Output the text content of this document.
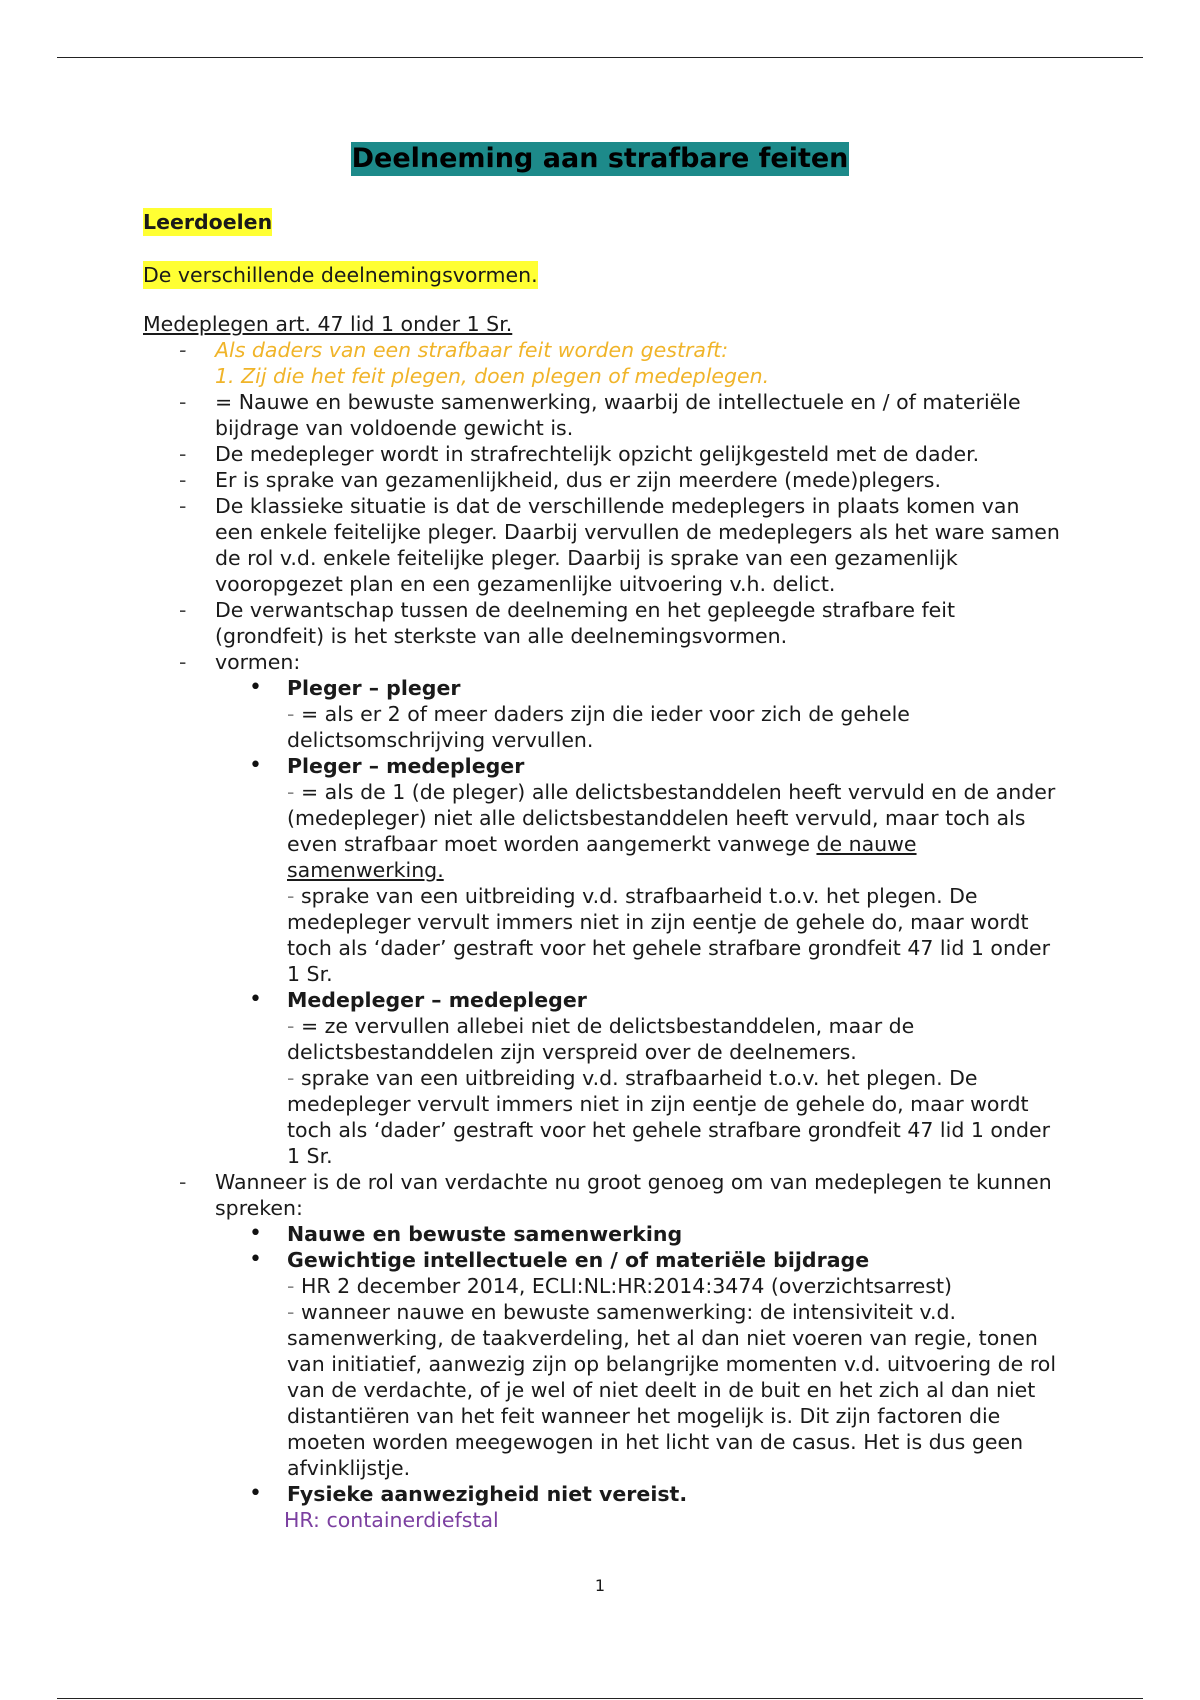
Deelneming aan strafbare feiten
Leerdoelen
De verschillende deelnemingsvormen.
Medeplegen art. 47 lid 1 onder 1 Sr.
- Als daders van een strafbaar feit worden gestraft:
1. Zij die het feit plegen, doen plegen of medeplegen.
- = Nauwe en bewuste samenwerking, waarbij de intellectuele en / of materiële bijdrage van voldoende gewicht is.
- De medepleger wordt in strafrechtelijk opzicht gelijkgesteld met de dader.
- Er is sprake van gezamenlijkheid, dus er zijn meerdere (mede)plegers.
- De klassieke situatie is dat de verschillende medeplegers in plaats komen van een enkele feitelijke pleger. Daarbij vervullen de medeplegers als het ware samen de rol v.d. enkele feitelijke pleger. Daarbij is sprake van een gezamenlijk vooropgezet plan en een gezamenlijke uitvoering v.h. delict.
- De verwantschap tussen de deelneming en het gepleegde strafbare feit (grondfeit) is het sterkste van alle deelnemingsvormen.
- vormen:
• Pleger – pleger
- = als er 2 of meer daders zijn die ieder voor zich de gehele delictsomschrijving vervullen.
• Pleger – medepleger
- = als de 1 (de pleger) alle delictsbestanddelen heeft vervuld en de ander (medepleger) niet alle delictsbestanddelen heeft vervuld, maar toch als even strafbaar moet worden aangemerkt vanwege de nauwe samenwerking.
- sprake van een uitbreiding v.d. strafbaarheid t.o.v. het plegen. De medepleger vervult immers niet in zijn eentje de gehele do, maar wordt toch als ‘dader’ gestraft voor het gehele strafbare grondfeit 47 lid 1 onder 1 Sr.
• Medepleger – medepleger
- = ze vervullen allebei niet de delictsbestanddelen, maar de delictsbestanddelen zijn verspreid over de deelnemers.
- sprake van een uitbreiding v.d. strafbaarheid t.o.v. het plegen. De medepleger vervult immers niet in zijn eentje de gehele do, maar wordt toch als ‘dader’ gestraft voor het gehele strafbare grondfeit 47 lid 1 onder 1 Sr.
- Wanneer is de rol van verdachte nu groot genoeg om van medeplegen te kunnen spreken:
• Nauwe en bewuste samenwerking
• Gewichtige intellectuele en / of materiële bijdrage
- HR 2 december 2014, ECLI:NL:HR:2014:3474 (overzichtsarrest)
- wanneer nauwe en bewuste samenwerking: de intensiviteit v.d. samenwerking, de taakverdeling, het al dan niet voeren van regie, tonen van initiatief, aanwezig zijn op belangrijke momenten v.d. uitvoering de rol van de verdachte, of je wel of niet deelt in de buit en het zich al dan niet distantiëren van het feit wanneer het mogelijk is. Dit zijn factoren die moeten worden meegewogen in het licht van de casus. Het is dus geen afvinklijstje.
• Fysieke aanwezigheid niet vereist.
HR: containerdiefstal
1
